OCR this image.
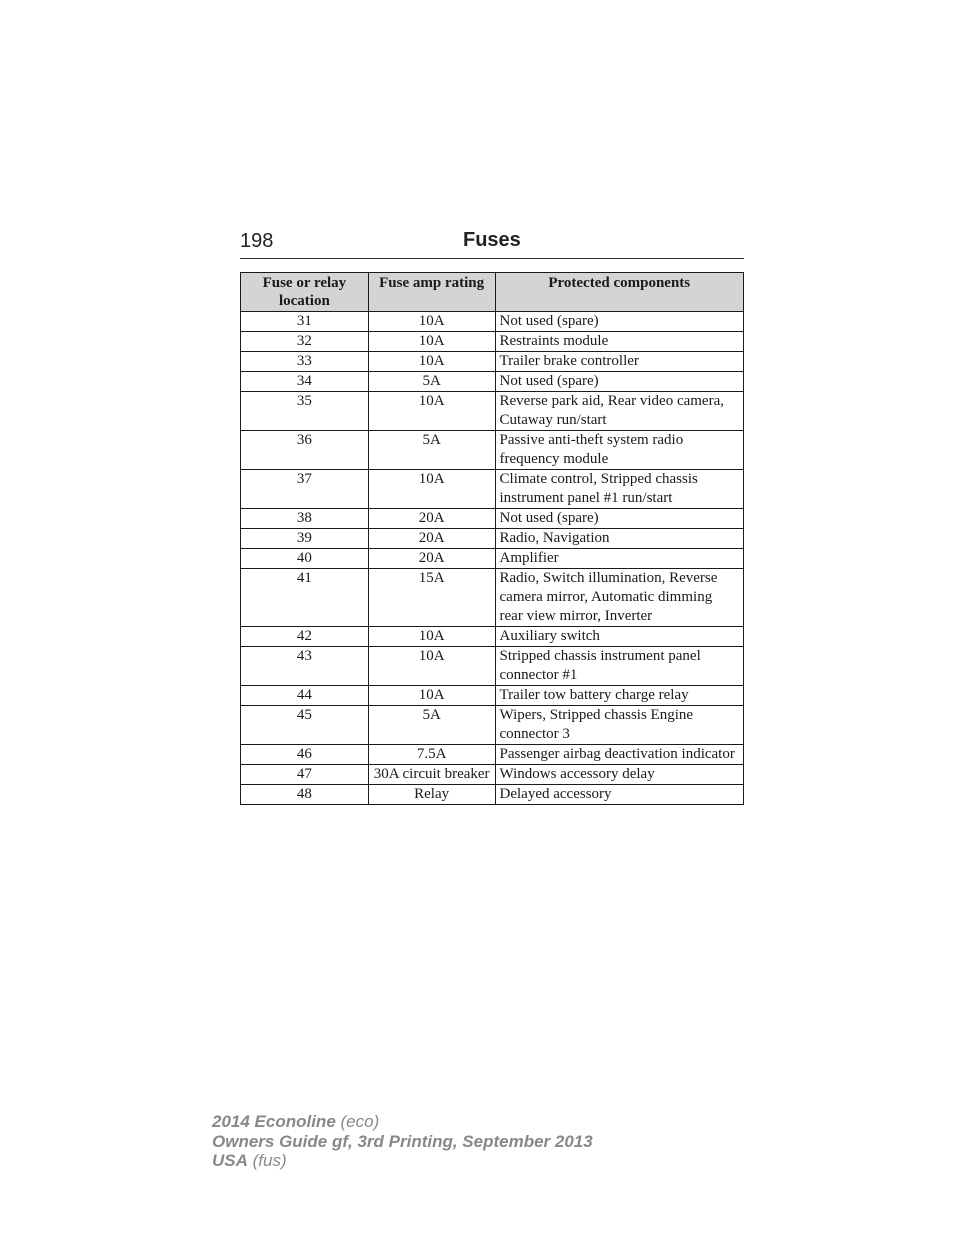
198	Fuses
Fuse or relay location	Fuse amp rating	Protected components
31	10A	Not used (spare)
32	10A	Restraints module
33	10A	Trailer brake controller
34	5A	Not used (spare)
35	10A	Reverse park aid, Rear video camera, Cutaway run/start
36	5A	Passive anti-theft system radio frequency module
37	10A	Climate control, Stripped chassis instrument panel #1 run/start
38	20A	Not used (spare)
39	20A	Radio, Navigation
40	20A	Amplifier
41	15A	Radio, Switch illumination, Reverse camera mirror, Automatic dimming rear view mirror, Inverter
42	10A	Auxiliary switch
43	10A	Stripped chassis instrument panel connector #1
44	10A	Trailer tow battery charge relay
45	5A	Wipers, Stripped chassis Engine connector 3
46	7.5A	Passenger airbag deactivation indicator
47	30A circuit breaker	Windows accessory delay
48	Relay	Delayed accessory
2014 Econoline (eco)
Owners Guide gf, 3rd Printing, September 2013
USA (fus)
